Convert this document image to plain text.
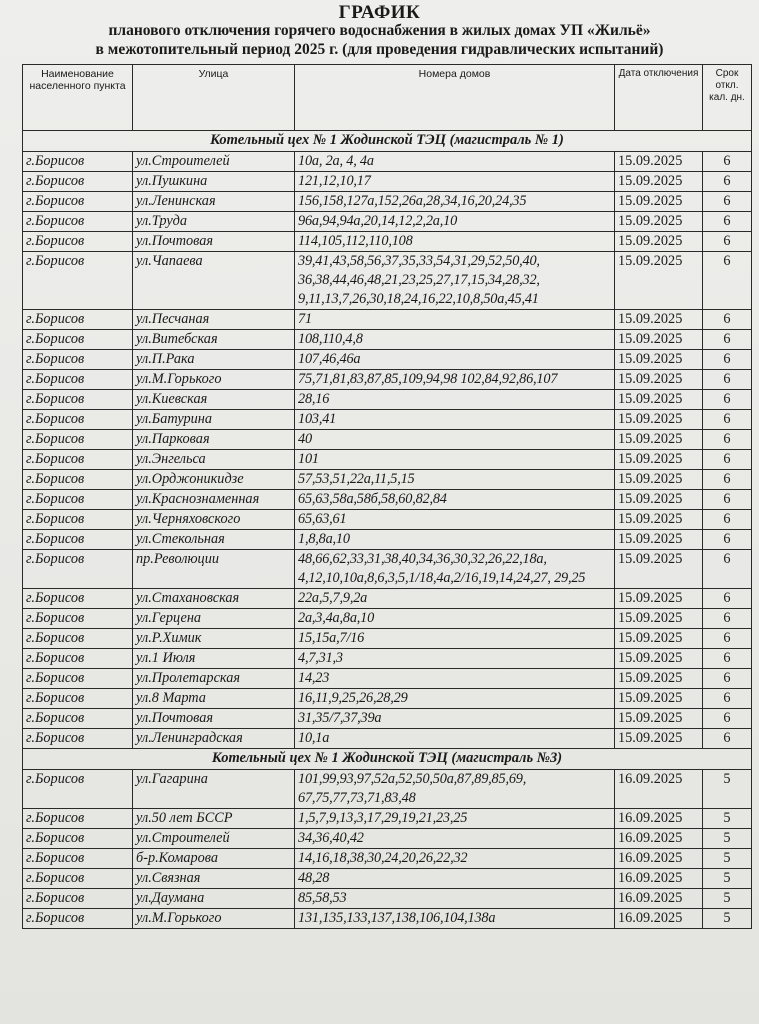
ГРАФИК
планового отключения горячего водоснабжения в жилых домах УП «Жильё»
в межотопительный период 2025 г. (для проведения гидравлических испытаний)
Наименование населенного пункта	Улица	Номера домов	Дата отключения	Срок откл. кал. дн.
Котельный цех № 1 Жодинской ТЭЦ (магистраль № 1)				
г.Борисов	ул.Строителей	10а, 2а, 4, 4а	15.09.2025	6
г.Борисов	ул.Пушкина	121,12,10,17	15.09.2025	6
г.Борисов	ул.Ленинская	156,158,127а,152,26а,28,34,16,20,24,35	15.09.2025	6
г.Борисов	ул.Труда	96а,94,94а,20,14,12,2,2а,10	15.09.2025	6
г.Борисов	ул.Почтовая	114,105,112,110,108	15.09.2025	6
г.Борисов	ул.Чапаева	39,41,43,58,56,37,35,33,54,31,29,52,50,40, 36,38,44,46,48,21,23,25,27,17,15,34,28,32, 9,11,13,7,26,30,18,24,16,22,10,8,50а,45,41	15.09.2025	6
г.Борисов	ул.Песчаная	71	15.09.2025	6
г.Борисов	ул.Витебская	108,110,4,8	15.09.2025	6
г.Борисов	ул.П.Рака	107,46,46а	15.09.2025	6
г.Борисов	ул.М.Горького	75,71,81,83,87,85,109,94,98 102,84,92,86,107	15.09.2025	6
г.Борисов	ул.Киевская	28,16	15.09.2025	6
г.Борисов	ул.Батурина	103,41	15.09.2025	6
г.Борисов	ул.Парковая	40	15.09.2025	6
г.Борисов	ул.Энгельса	101	15.09.2025	6
г.Борисов	ул.Орджоникидзе	57,53,51,22а,11,5,15	15.09.2025	6
г.Борисов	ул.Краснознаменная	65,63,58а,58б,58,60,82,84	15.09.2025	6
г.Борисов	ул.Черняховского	65,63,61	15.09.2025	6
г.Борисов	ул.Стекольная	1,8,8а,10	15.09.2025	6
г.Борисов	пр.Революции	48,66,62,33,31,38,40,34,36,30,32,26,22,18а, 4,12,10,10а,8,6,3,5,1/18,4а,2/16,19,14,24,27, 29,25	15.09.2025	6
г.Борисов	ул.Стахановская	22а,5,7,9,2а	15.09.2025	6
г.Борисов	ул.Герцена	2а,3,4а,8а,10	15.09.2025	6
г.Борисов	ул.Р.Химик	15,15а,7/16	15.09.2025	6
г.Борисов	ул.1 Июля	4,7,31,3	15.09.2025	6
г.Борисов	ул.Пролетарская	14,23	15.09.2025	6
г.Борисов	ул.8 Марта	16,11,9,25,26,28,29	15.09.2025	6
г.Борисов	ул.Почтовая	31,35/7,37,39а	15.09.2025	6
г.Борисов	ул.Ленинградская	10,1а	15.09.2025	6
Котельный цех № 1 Жодинской ТЭЦ (магистраль №3)				
г.Борисов	ул.Гагарина	101,99,93,97,52а,52,50,50а,87,89,85,69, 67,75,77,73,71,83,48	16.09.2025	5
г.Борисов	ул.50 лет БССР	1,5,7,9,13,3,17,29,19,21,23,25	16.09.2025	5
г.Борисов	ул.Строителей	34,36,40,42	16.09.2025	5
г.Борисов	б-р.Комарова	14,16,18,38,30,24,20,26,22,32	16.09.2025	5
г.Борисов	ул.Связная	48,28	16.09.2025	5
г.Борисов	ул.Даумана	85,58,53	16.09.2025	5
г.Борисов	ул.М.Горького	131,135,133,137,138,106,104,138а	16.09.2025	5
